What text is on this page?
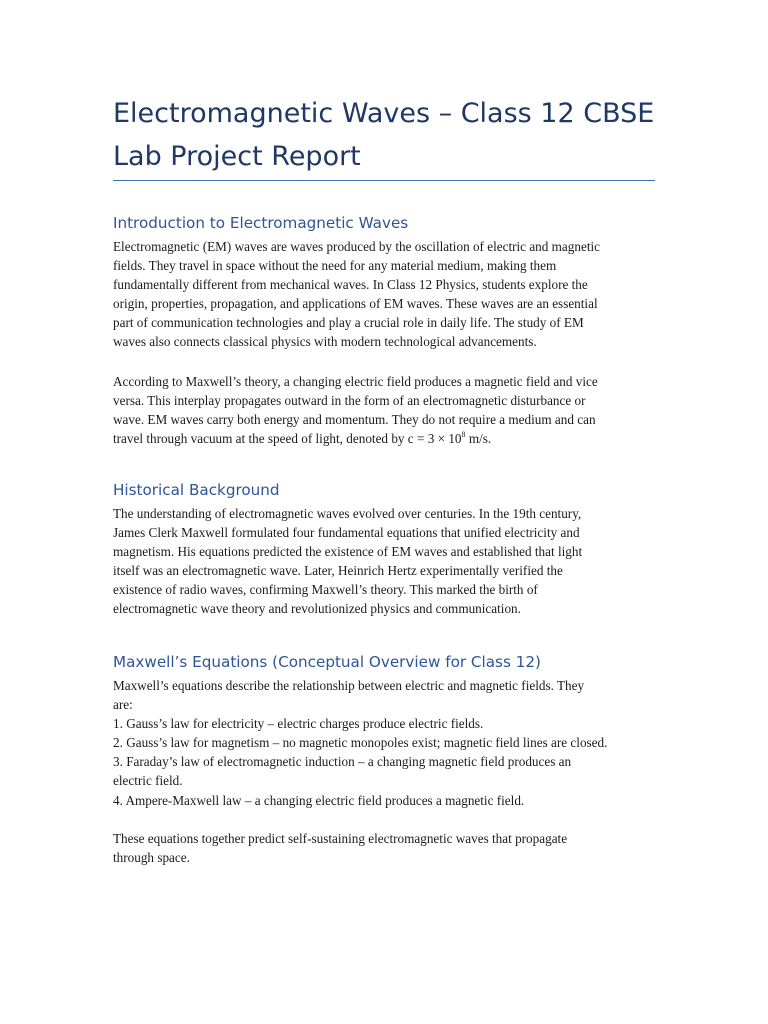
Electromagnetic Waves – Class 12 CBSE
Lab Project Report
Introduction to Electromagnetic Waves
Electromagnetic (EM) waves are waves produced by the oscillation of electric and magnetic
fields. They travel in space without the need for any material medium, making them
fundamentally different from mechanical waves. In Class 12 Physics, students explore the
origin, properties, propagation, and applications of EM waves. These waves are an essential
part of communication technologies and play a crucial role in daily life. The study of EM
waves also connects classical physics with modern technological advancements.
According to Maxwell’s theory, a changing electric field produces a magnetic field and vice
versa. This interplay propagates outward in the form of an electromagnetic disturbance or
wave. EM waves carry both energy and momentum. They do not require a medium and can
travel through vacuum at the speed of light, denoted by $c = 3 \times 10^8$ m/s.
Historical Background
The understanding of electromagnetic waves evolved over centuries. In the 19th century,
James Clerk Maxwell formulated four fundamental equations that unified electricity and
magnetism. His equations predicted the existence of EM waves and established that light
itself was an electromagnetic wave. Later, Heinrich Hertz experimentally verified the
existence of radio waves, confirming Maxwell’s theory. This marked the birth of
electromagnetic wave theory and revolutionized physics and communication.
Maxwell’s Equations (Conceptual Overview for Class 12)
Maxwell’s equations describe the relationship between electric and magnetic fields. They
are:
1. Gauss’s law for electricity – electric charges produce electric fields.
2. Gauss’s law for magnetism – no magnetic monopoles exist; magnetic field lines are closed.
3. Faraday’s law of electromagnetic induction – a changing magnetic field produces an
electric field.
4. Ampere-Maxwell law – a changing electric field produces a magnetic field.
These equations together predict self-sustaining electromagnetic waves that propagate
through space.
